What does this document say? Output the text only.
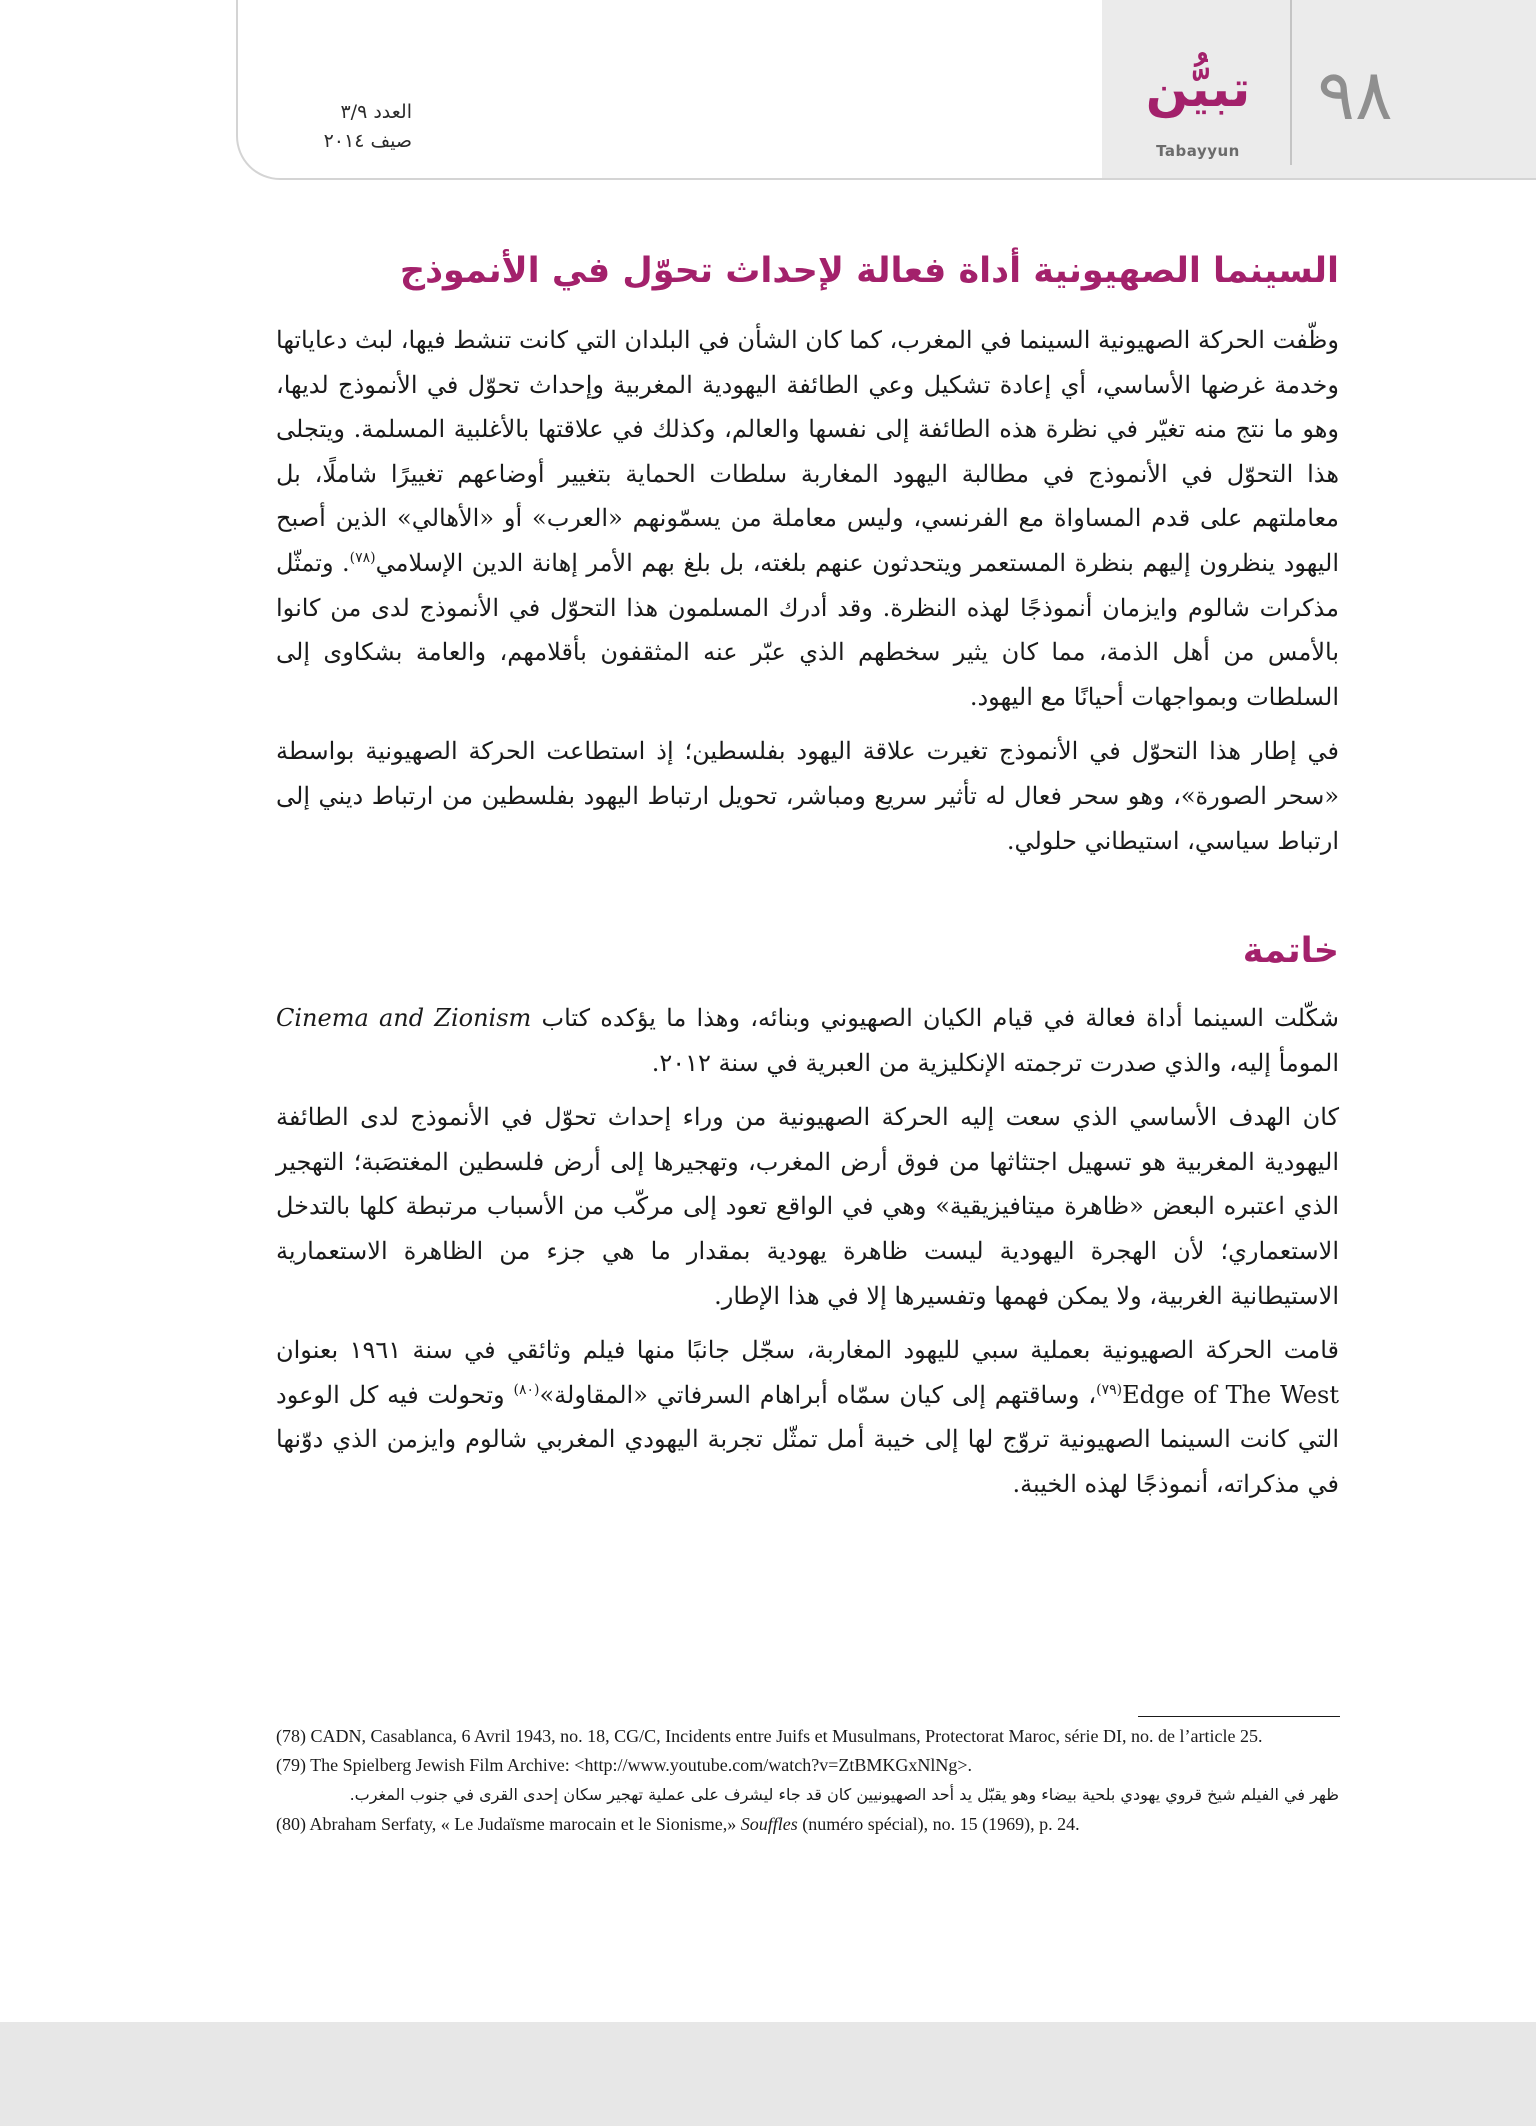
٩٨
تبيُّن
Tabayyun
العدد ٣/٩
صيف ٢٠١٤
السينما الصهيونية أداة فعالة لإحداث تحوّل في الأنموذج

وظّفت الحركة الصهيونية السينما في المغرب، كما كان الشأن في البلدان التي كانت تنشط فيها، لبث دعاياتها وخدمة غرضها الأساسي، أي إعادة تشكيل وعي الطائفة اليهودية المغربية وإحداث تحوّل في الأنموذج لديها، وهو ما نتج منه تغيّر في نظرة هذه الطائفة إلى نفسها والعالم، وكذلك في علاقتها بالأغلبية المسلمة. ويتجلى هذا التحوّل في الأنموذج في مطالبة اليهود المغاربة سلطات الحماية بتغيير أوضاعهم تغييرًا شاملًا، بل معاملتهم على قدم المساواة مع الفرنسي، وليس معاملة من يسمّونهم «العرب» أو «الأهالي» الذين أصبح اليهود ينظرون إليهم بنظرة المستعمر ويتحدثون عنهم بلغته، بل بلغ بهم الأمر إهانة الدين الإسلامي$^{(٧٨)}$. وتمثّل مذكرات شالوم وايزمان أنموذجًا لهذه النظرة. وقد أدرك المسلمون هذا التحوّل في الأنموذج لدى من كانوا بالأمس من أهل الذمة، مما كان يثير سخطهم الذي عبّر عنه المثقفون بأقلامهم، والعامة بشكاوى إلى السلطات وبمواجهات أحيانًا مع اليهود.

في إطار هذا التحوّل في الأنموذج تغيرت علاقة اليهود بفلسطين؛ إذ استطاعت الحركة الصهيونية بواسطة «سحر الصورة»، وهو سحر فعال له تأثير سريع ومباشر، تحويل ارتباط اليهود بفلسطين من ارتباط ديني إلى ارتباط سياسي، استيطاني حلولي.

خاتمة

شكّلت السينما أداة فعالة في قيام الكيان الصهيوني وبنائه، وهذا ما يؤكده كتاب Cinema and Zionism المومأ إليه، والذي صدرت ترجمته الإنكليزية من العبرية في سنة ٢٠١٢.

كان الهدف الأساسي الذي سعت إليه الحركة الصهيونية من وراء إحداث تحوّل في الأنموذج لدى الطائفة اليهودية المغربية هو تسهيل اجتثاثها من فوق أرض المغرب، وتهجيرها إلى أرض فلسطين المغتصَبة؛ التهجير الذي اعتبره البعض «ظاهرة ميتافيزيقية» وهي في الواقع تعود إلى مركّب من الأسباب مرتبطة كلها بالتدخل الاستعماري؛ لأن الهجرة اليهودية ليست ظاهرة يهودية بمقدار ما هي جزء من الظاهرة الاستعمارية الاستيطانية الغربية، ولا يمكن فهمها وتفسيرها إلا في هذا الإطار.

قامت الحركة الصهيونية بعملية سبي لليهود المغاربة، سجّل جانبًا منها فيلم وثائقي في سنة ١٩٦١ بعنوان Edge of The West$^{(٧٩)}$، وساقتهم إلى كيان سمّاه أبراهام السرفاتي «المقاولة»$^{(٨٠)}$ وتحولت فيه كل الوعود التي كانت السينما الصهيونية تروّج لها إلى خيبة أمل تمثّل تجربة اليهودي المغربي شالوم وايزمن الذي دوّنها في مذكراته، أنموذجًا لهذه الخيبة.

(78) CADN, Casablanca, 6 Avril 1943, no. 18, CG/C, Incidents entre Juifs et Musulmans, Protectorat Maroc, série DI, no. de l’article 25.

(79) The Spielberg Jewish Film Archive: <http://www.youtube.com/watch?v=ZtBMKGxNlNg>.

ظهر في الفيلم شيخ قروي يهودي بلحية بيضاء وهو يقبّل يد أحد الصهيونيين كان قد جاء ليشرف على عملية تهجير سكان إحدى القرى في جنوب المغرب.

(80) Abraham Serfaty, « Le Judaïsme marocain et le Sionisme,» Souffles (numéro spécial), no. 15 (1969), p. 24.
